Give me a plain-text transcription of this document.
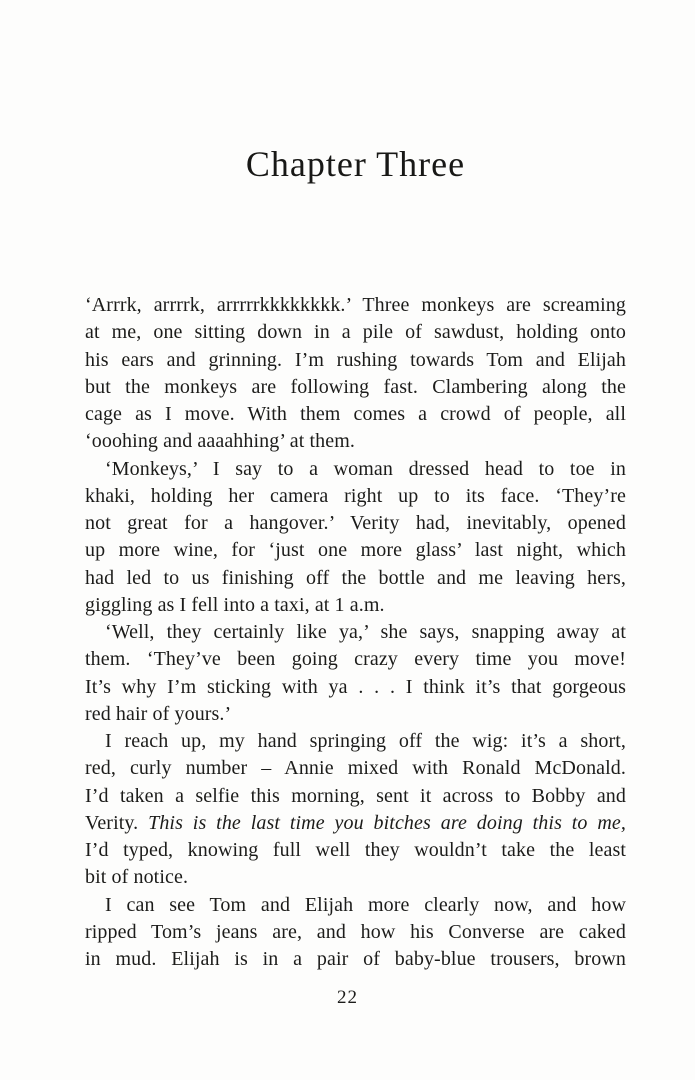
Chapter Three
‘Arrrk, arrrrk, arrrrrkkkkkkkk.’ Three monkeys are screaming
at me, one sitting down in a pile of sawdust, holding onto
his ears and grinning. I’m rushing towards Tom and Elijah
but the monkeys are following fast. Clambering along the
cage as I move. With them comes a crowd of people, all
‘ooohing and aaaahhing’ at them.
‘Monkeys,’ I say to a woman dressed head to toe in
khaki, holding her camera right up to its face. ‘They’re
not great for a hangover.’ Verity had, inevitably, opened
up more wine, for ‘just one more glass’ last night, which
had led to us finishing off the bottle and me leaving hers,
giggling as I fell into a taxi, at 1 a.m.
‘Well, they certainly like ya,’ she says, snapping away at
them. ‘They’ve been going crazy every time you move!
It’s why I’m sticking with ya . . . I think it’s that gorgeous
red hair of yours.’
I reach up, my hand springing off the wig: it’s a short,
red, curly number – Annie mixed with Ronald McDonald.
I’d taken a selfie this morning, sent it across to Bobby and
Verity. This is the last time you bitches are doing this to me,
I’d typed, knowing full well they wouldn’t take the least
bit of notice.
I can see Tom and Elijah more clearly now, and how
ripped Tom’s jeans are, and how his Converse are caked
in mud. Elijah is in a pair of baby-blue trousers, brown
22
